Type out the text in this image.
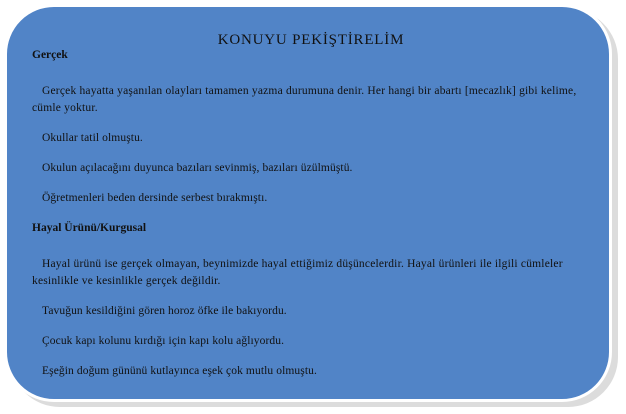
KONUYU PEKİŞTİRELİM
Gerçek
Gerçek hayatta yaşanılan olayları tamamen yazma durumuna denir. Her hangi bir abartı [mecazlık] gibi kelime, cümle yoktur.
Okullar tatil olmuştu.
Okulun açılacağını duyunca bazıları sevinmiş, bazıları üzülmüştü.
Öğretmenleri beden dersinde serbest bırakmıştı.
Hayal Ürünü/Kurgusal
Hayal ürünü ise gerçek olmayan, beynimizde hayal ettiğimiz düşüncelerdir. Hayal ürünleri ile ilgili cümleler kesinlikle ve kesinlikle gerçek değildir.
Tavuğun kesildiğini gören horoz öfke ile bakıyordu.
Çocuk kapı kolunu kırdığı için kapı kolu ağlıyordu.
Eşeğin doğum gününü kutlayınca eşek çok mutlu olmuştu.
